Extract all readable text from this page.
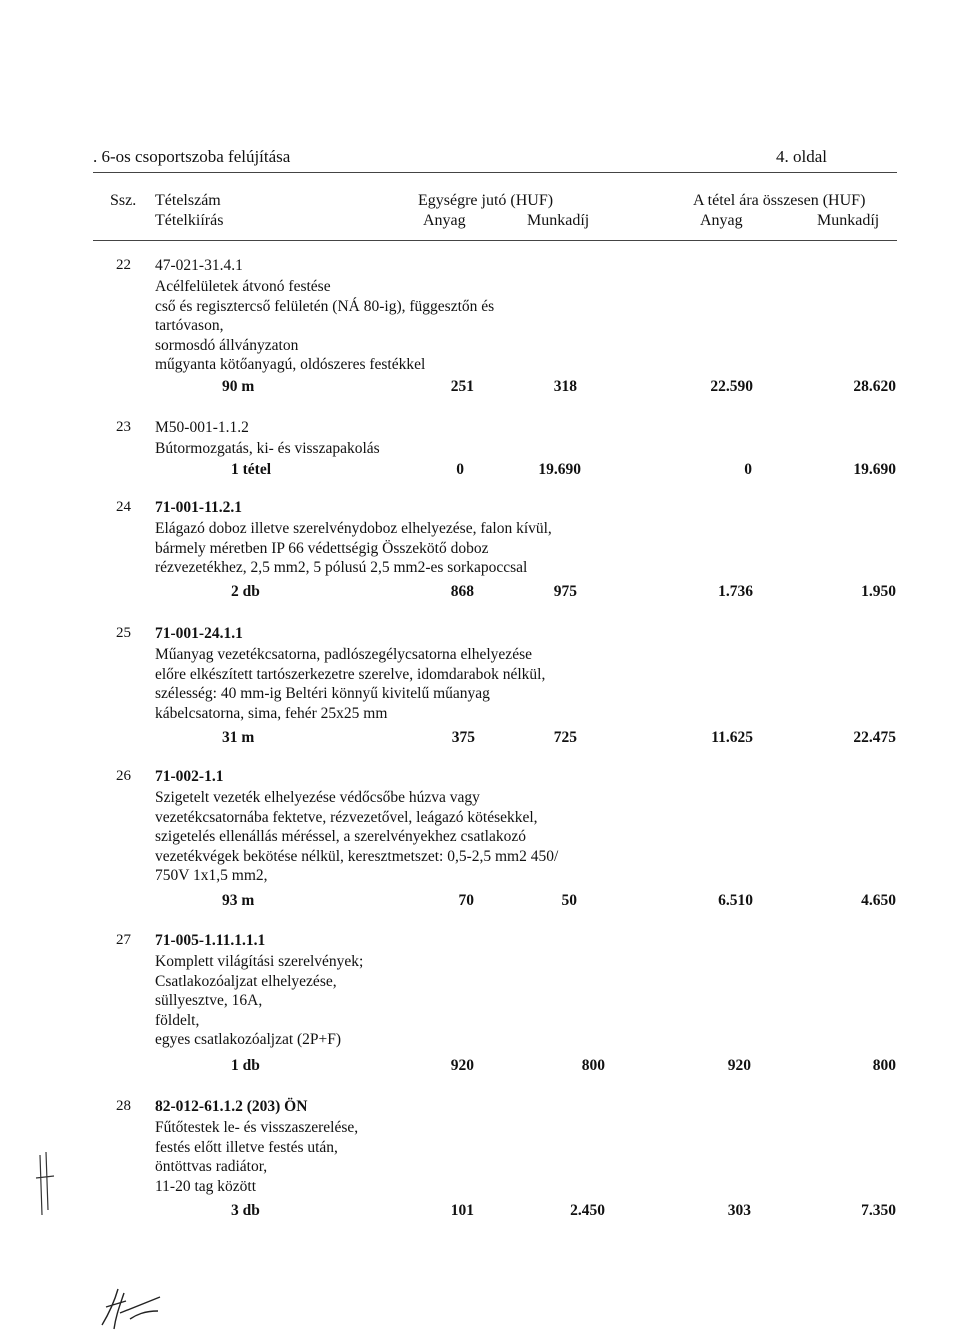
. 6-os csoportszoba felújítása	4. oldal
Ssz. Tételszám
Tételkiírás
Egységre jutó (HUF)
Anyag	Munkadíj
A tétel ára összesen (HUF)
Anyag	Munkadíj
22 47-021-31.4.1
Acélfelületek átvonó festése
cső és regisztercső felületén (NÁ 80-ig), függesztőn és
tartóvason,
sormosdó állványzaton
műgyanta kötőanyagú, oldószeres festékkel
90 m	251	318	22.590	28.620
23 M50-001-1.1.2
Bútormozgatás, ki- és visszapakolás
1 tétel	0	19.690	0	19.690
24 71-001-11.2.1
Elágazó doboz illetve szerelvénydoboz elhelyezése, falon kívül,
bármely méretben IP 66 védettségig Összekötő doboz
rézvezetékhez, 2,5 mm2, 5 pólusú 2,5 mm2-es sorkapoccsal
2 db	868	975	1.736	1.950
25 71-001-24.1.1
Műanyag vezetékcsatorna, padlószegélycsatorna elhelyezése
előre elkészített tartószerkezetre szerelve, idomdarabok nélkül,
szélesség: 40 mm-ig Beltéri könnyű kivitelű műanyag
kábelcsatorna, sima, fehér 25x25 mm
31 m	375	725	11.625	22.475
26 71-002-1.1
Szigetelt vezeték elhelyezése védőcsőbe húzva vagy
vezetékcsatornába fektetve, rézvezetővel, leágazó kötésekkel,
szigetelés ellenállás méréssel, a szerelvényekhez csatlakozó
vezetékvégek bekötése nélkül, keresztmetszet: 0,5-2,5 mm2 450/
750V 1x1,5 mm2,
93 m	70	50	6.510	4.650
27 71-005-1.11.1.1.1
Komplett világítási szerelvények;
Csatlakozóaljzat elhelyezése,
süllyesztve, 16A,
földelt,
egyes csatlakozóaljzat (2P+F)
1 db	920	800	920	800
28 82-012-61.1.2 (203) ÖN
Fűtőtestek le- és visszaszerelése,
festés előtt illetve festés után,
öntöttvas radiátor,
11-20 tag között
3 db	101	2.450	303	7.350
